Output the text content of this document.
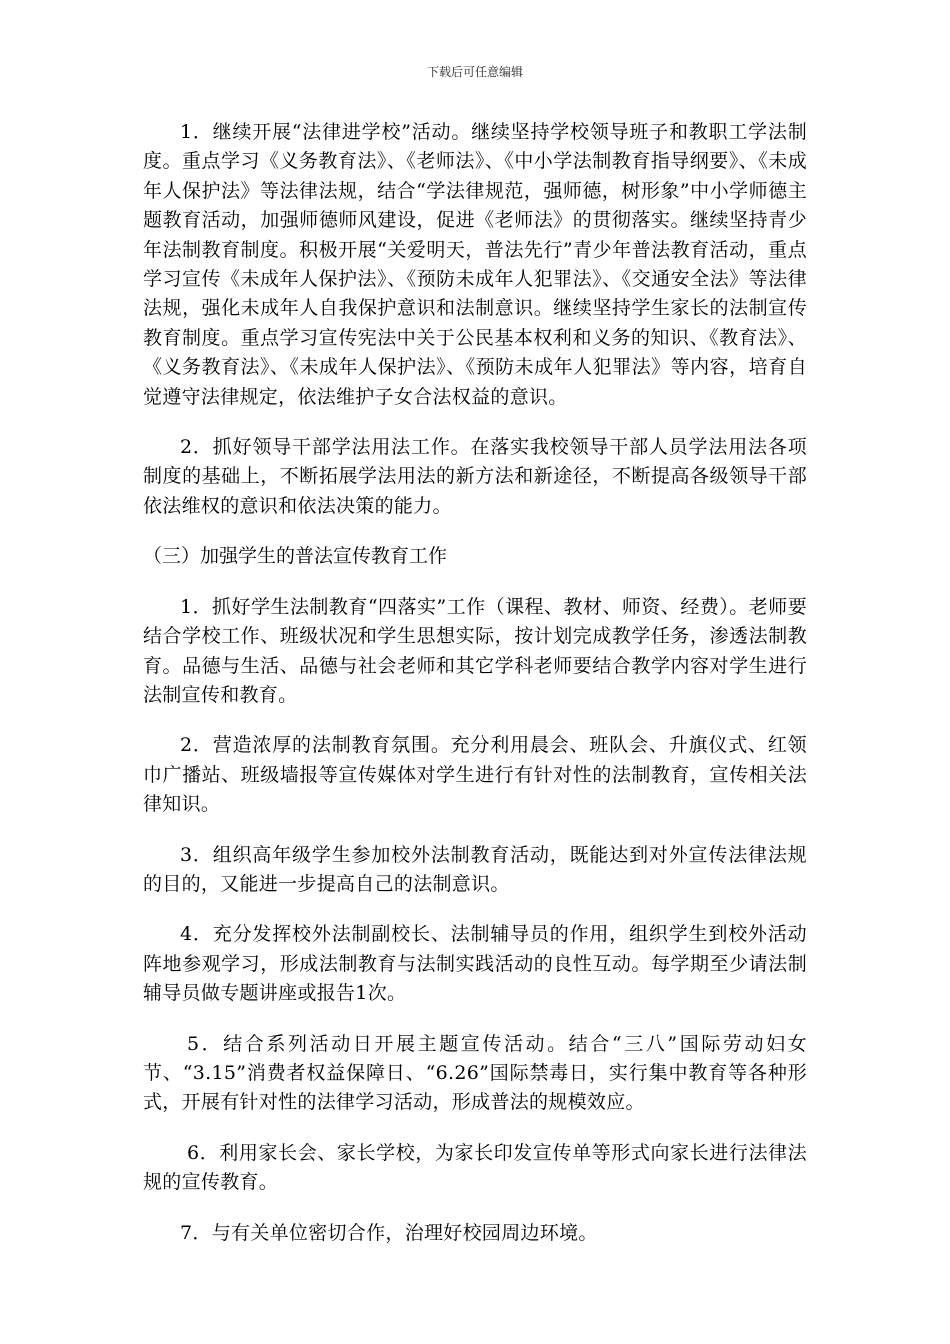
下载后可任意编辑

1．继续开展“法律进学校”活动。继续坚持学校领导班子和教职工学法制度。重点学习《义务教育法》、《老师法》、《中小学法制教育指导纲要》、《未成年人保护法》等法律法规，结合“学法律规范，强师德，树形象”中小学师德主题教育活动，加强师德师风建设，促进《老师法》的贯彻落实。继续坚持青少年法制教育制度。积极开展“关爱明天，普法先行”青少年普法教育活动，重点学习宣传《未成年人保护法》、《预防未成年人犯罪法》、《交通安全法》等法律法规，强化未成年人自我保护意识和法制意识。继续坚持学生家长的法制宣传教育制度。重点学习宣传宪法中关于公民基本权利和义务的知识、《教育法》、《义务教育法》、《未成年人保护法》、《预防未成年人犯罪法》等内容，培育自觉遵守法律规定，依法维护子女合法权益的意识。

2．抓好领导干部学法用法工作。在落实我校领导干部人员学法用法各项制度的基础上，不断拓展学法用法的新方法和新途径，不断提高各级领导干部依法维权的意识和依法决策的能力。

（三）加强学生的普法宣传教育工作

1．抓好学生法制教育“四落实”工作（课程、教材、师资、经费）。老师要结合学校工作、班级状况和学生思想实际，按计划完成教学任务，渗透法制教育。品德与生活、品德与社会老师和其它学科老师要结合教学内容对学生进行法制宣传和教育。

2．营造浓厚的法制教育氛围。充分利用晨会、班队会、升旗仪式、红领巾广播站、班级墙报等宣传媒体对学生进行有针对性的法制教育，宣传相关法律知识。

3．组织高年级学生参加校外法制教育活动，既能达到对外宣传法律法规的目的，又能进一步提高自己的法制意识。

4．充分发挥校外法制副校长、法制辅导员的作用，组织学生到校外活动阵地参观学习，形成法制教育与法制实践活动的良性互动。每学期至少请法制辅导员做专题讲座或报告1次。

5．结合系列活动日开展主题宣传活动。结合“三八”国际劳动妇女节、“3.15”消费者权益保障日、“6.26”国际禁毒日，实行集中教育等各种形式，开展有针对性的法律学习活动，形成普法的规模效应。

6．利用家长会、家长学校，为家长印发宣传单等形式向家长进行法律法规的宣传教育。

7．与有关单位密切合作，治理好校园周边环境。
